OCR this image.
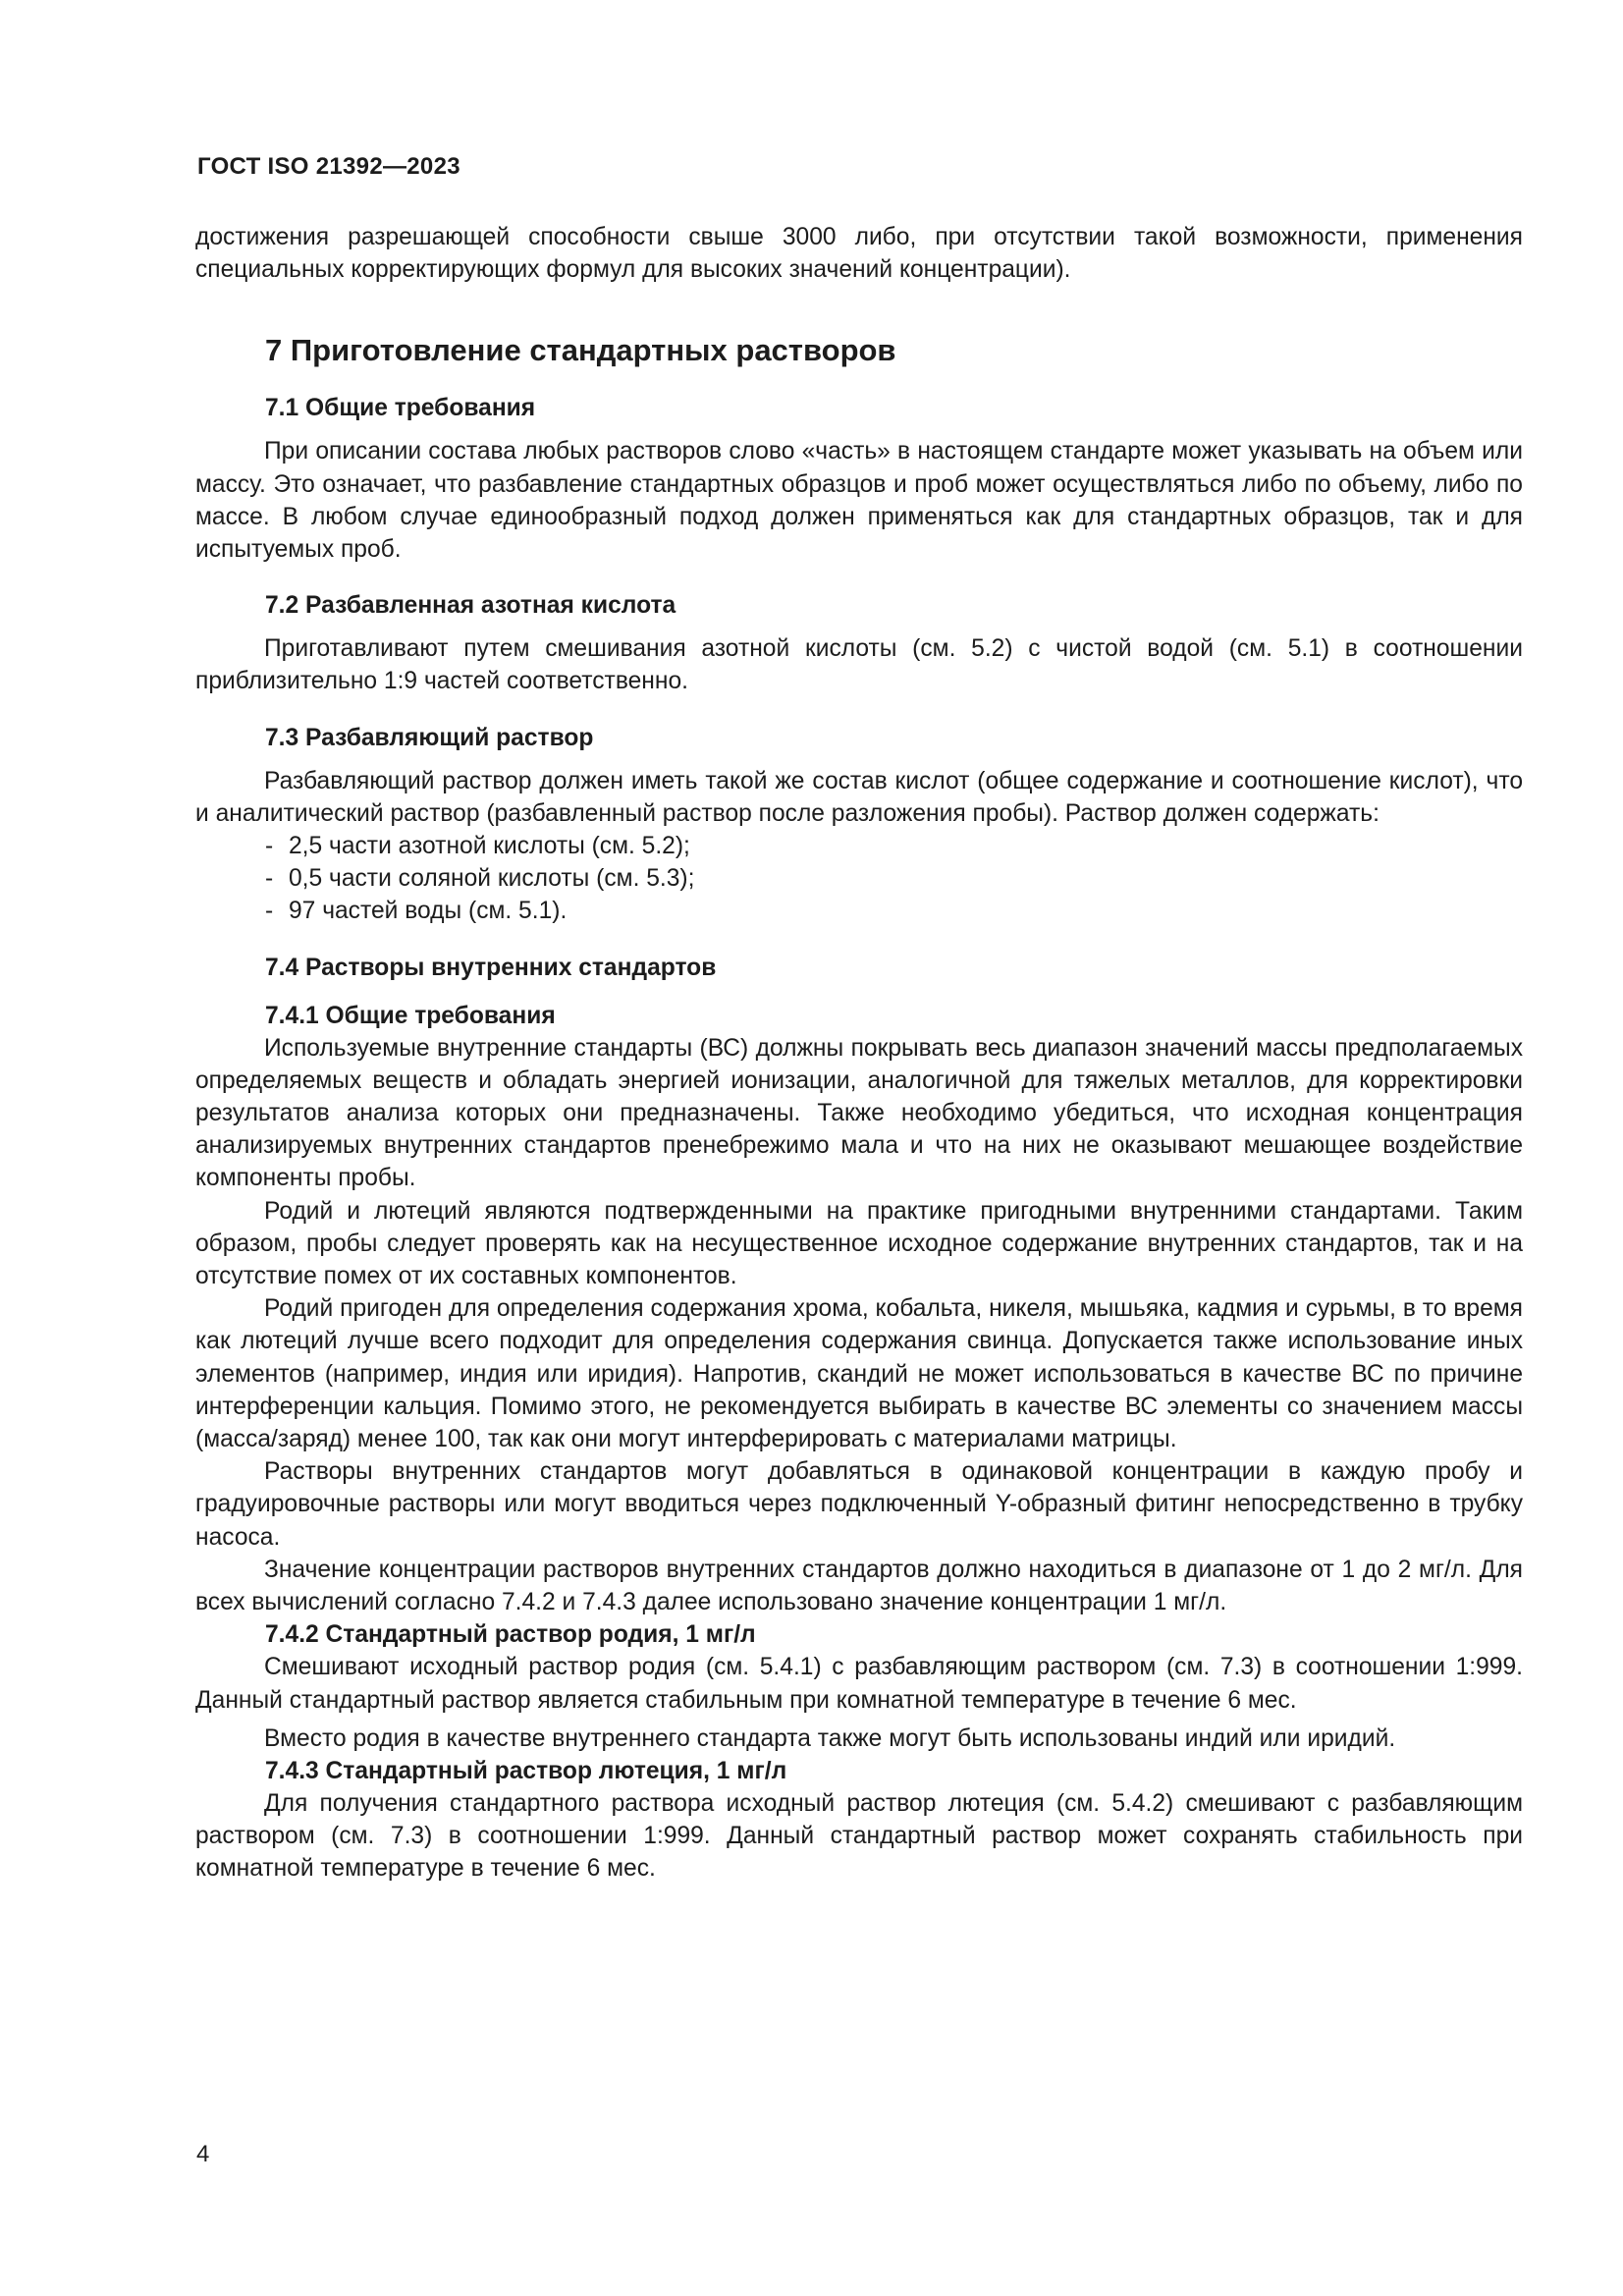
ГОСТ ISO 21392—2023

достижения разрешающей способности свыше 3000 либо, при отсутствии такой возможности, применения специальных корректирующих формул для высоких значений концентрации).

7 Приготовление стандартных растворов

7.1 Общие требования

При описании состава любых растворов слово «часть» в настоящем стандарте может указывать на объем или массу. Это означает, что разбавление стандартных образцов и проб может осуществляться либо по объему, либо по массе. В любом случае единообразный подход должен применяться как для стандартных образцов, так и для испытуемых проб.

7.2 Разбавленная азотная кислота

Приготавливают путем смешивания азотной кислоты (см. 5.2) с чистой водой (см. 5.1) в соотношении приблизительно 1:9 частей соответственно.

7.3 Разбавляющий раствор

Разбавляющий раствор должен иметь такой же состав кислот (общее содержание и соотношение кислот), что и аналитический раствор (разбавленный раствор после разложения пробы). Раствор должен содержать:

- 2,5 части азотной кислоты (см. 5.2);
- 0,5 части соляной кислоты (см. 5.3);
- 97 частей воды (см. 5.1).

7.4 Растворы внутренних стандартов

7.4.1 Общие требования

Используемые внутренние стандарты (ВС) должны покрывать весь диапазон значений массы предполагаемых определяемых веществ и обладать энергией ионизации, аналогичной для тяжелых металлов, для корректировки результатов анализа которых они предназначены. Также необходимо убедиться, что исходная концентрация анализируемых внутренних стандартов пренебрежимо мала и что на них не оказывают мешающее воздействие компоненты пробы.

Родий и лютеций являются подтвержденными на практике пригодными внутренними стандартами. Таким образом, пробы следует проверять как на несущественное исходное содержание внутренних стандартов, так и на отсутствие помех от их составных компонентов.

Родий пригоден для определения содержания хрома, кобальта, никеля, мышьяка, кадмия и сурьмы, в то время как лютеций лучше всего подходит для определения содержания свинца. Допускается также использование иных элементов (например, индия или иридия). Напротив, скандий не может использоваться в качестве ВС по причине интерференции кальция. Помимо этого, не рекомендуется выбирать в качестве ВС элементы со значением массы (масса/заряд) менее 100, так как они могут интерферировать с материалами матрицы.

Растворы внутренних стандартов могут добавляться в одинаковой концентрации в каждую пробу и градуировочные растворы или могут вводиться через подключенный Y-образный фитинг непосредственно в трубку насоса.

Значение концентрации растворов внутренних стандартов должно находиться в диапазоне от 1 до 2 мг/л. Для всех вычислений согласно 7.4.2 и 7.4.3 далее использовано значение концентрации 1 мг/л.

7.4.2 Стандартный раствор родия, 1 мг/л

Смешивают исходный раствор родия (см. 5.4.1) с разбавляющим раствором (см. 7.3) в соотношении 1:999. Данный стандартный раствор является стабильным при комнатной температуре в течение 6 мес.

Вместо родия в качестве внутреннего стандарта также могут быть использованы индий или иридий.

7.4.3 Стандартный раствор лютеция, 1 мг/л

Для получения стандартного раствора исходный раствор лютеция (см. 5.4.2) смешивают с разбавляющим раствором (см. 7.3) в соотношении 1:999. Данный стандартный раствор может сохранять стабильность при комнатной температуре в течение 6 мес.

4
